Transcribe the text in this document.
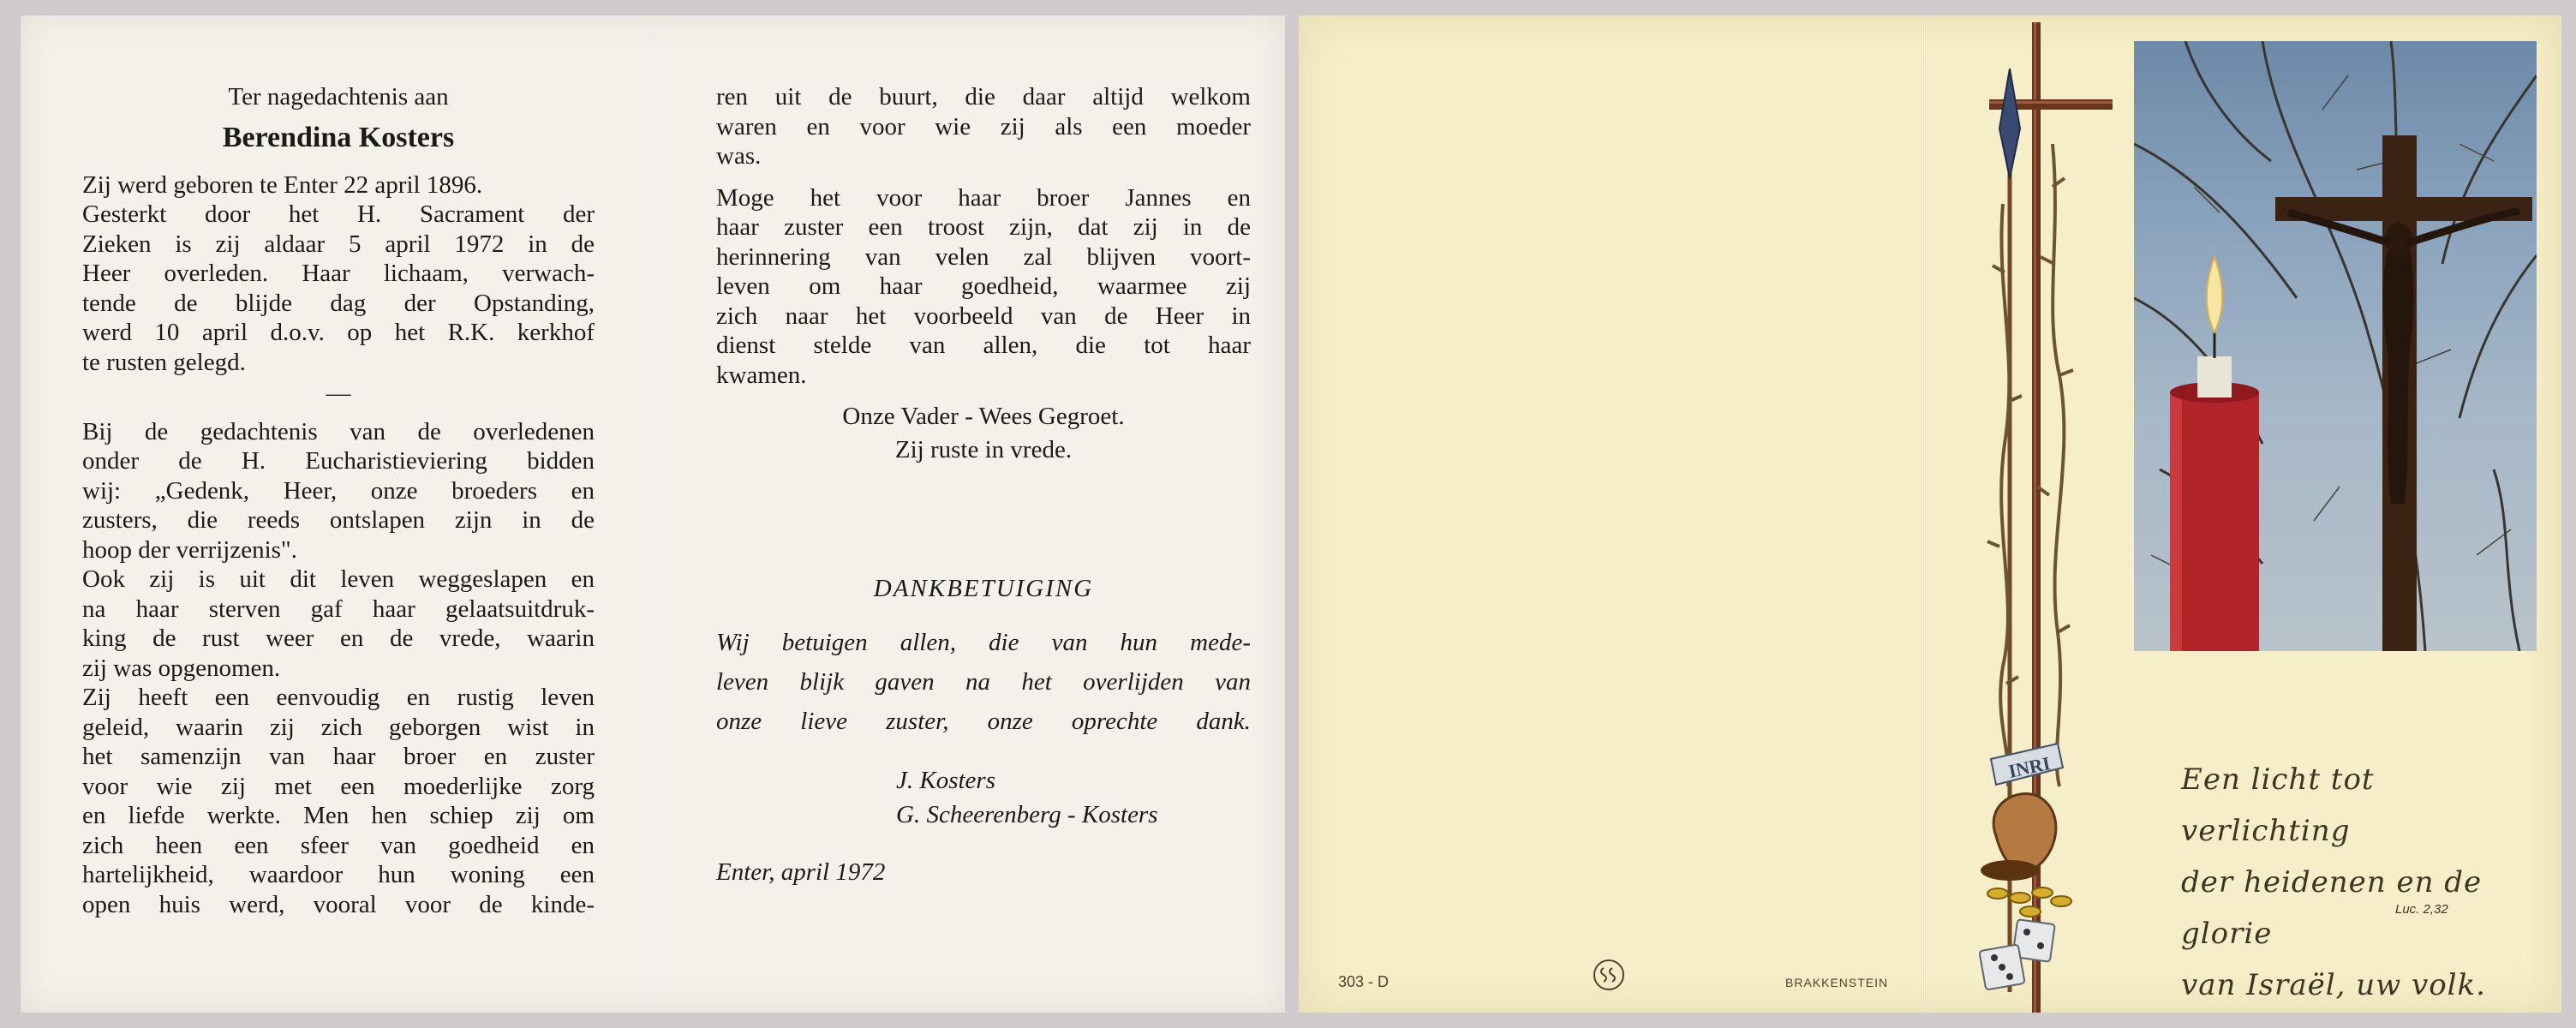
Ter nagedachtenis aan

Berendina Kosters

Zij werd geboren te Enter 22 april 1896.
Gesterkt door het H. Sacrament der
Zieken is zij aldaar 5 april 1972 in de
Heer overleden. Haar lichaam, verwach-
tende de blijde dag der Opstanding,
werd 10 april d.o.v. op het R.K. kerkhof
te rusten gelegd.
—
Bij de gedachtenis van de overledenen
onder de H. Eucharistieviering bidden
wij: „Gedenk, Heer, onze broeders en
zusters, die reeds ontslapen zijn in de
hoop der verrijzenis".
Ook zij is uit dit leven weggeslapen en
na haar sterven gaf haar gelaatsuitdruk-
king de rust weer en de vrede, waarin
zij was opgenomen.
Zij heeft een eenvoudig en rustig leven
geleid, waarin zij zich geborgen wist in
het samenzijn van haar broer en zuster
voor wie zij met een moederlijke zorg
en liefde werkte. Men hen schiep zij om
zich heen een sfeer van goedheid en
hartelijkheid, waardoor hun woning een
open huis werd, vooral voor de kinde-
ren uit de buurt, die daar altijd welkom
waren en voor wie zij als een moeder
was.
Moge het voor haar broer Jannes en
haar zuster een troost zijn, dat zij in de
herinnering van velen zal blijven voort-
leven om haar goedheid, waarmee zij
zich naar het voorbeeld van de Heer in
dienst stelde van allen, die tot haar
kwamen.

Onze Vader - Wees Gegroet.

Zij ruste in vrede.

DANKBETUIGING

Wij betuigen allen, die van hun mede-
leven blijk gaven na het overlijden van
onze lieve zuster, onze oprechte dank.
J. Kosters
G. Scheerenberg - Kosters

Enter, april 1972

303 - D	BRAKKENSTEIN
INRI	Een licht tot verlichting
der heidenen en de glorie
van Israël, uw volk.
Luc. 2,32
